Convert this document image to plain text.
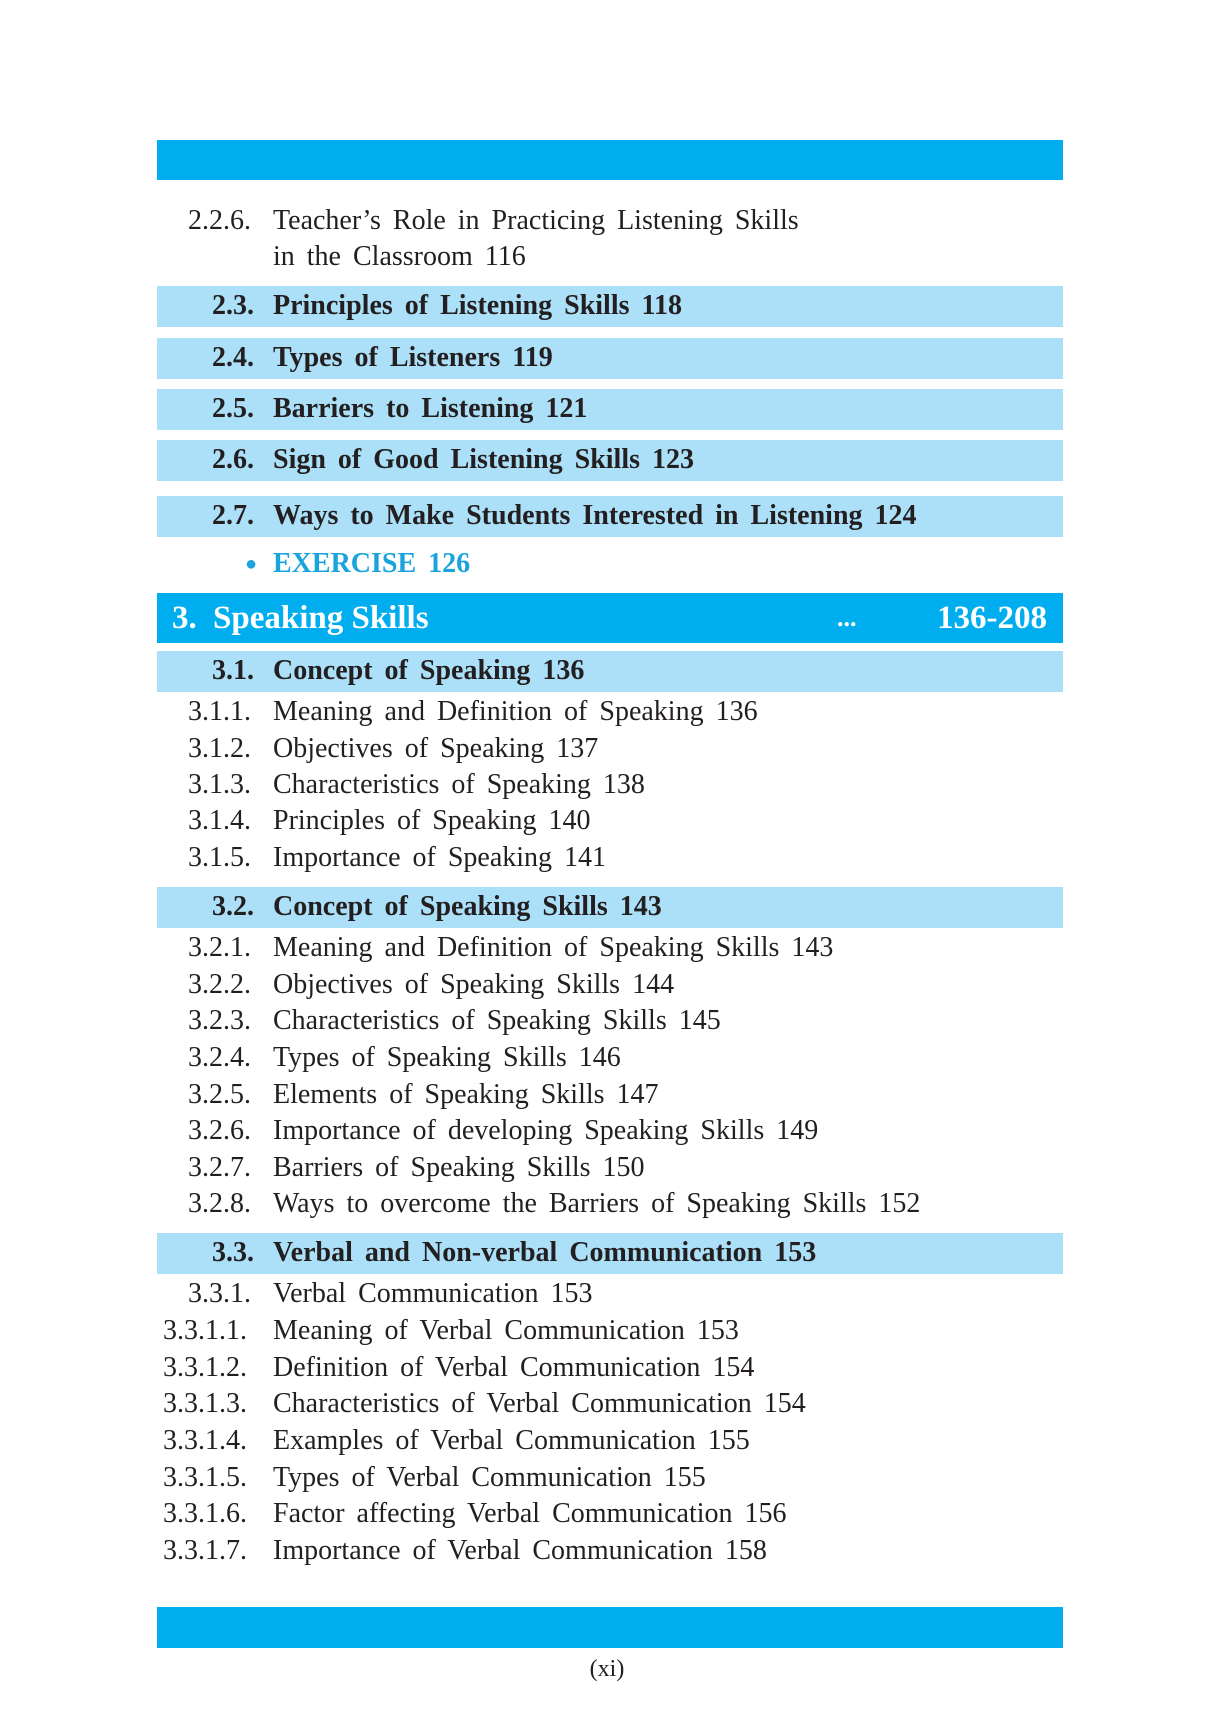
2.2.6. Teacher’s Role in Practicing Listening Skills
in the Classroom 116
2.3. Principles of Listening Skills 118
2.4. Types of Listeners 119
2.5. Barriers to Listening 121
2.6. Sign of Good Listening Skills 123
2.7. Ways to Make Students Interested in Listening 124
● EXERCISE 126
3. Speaking Skills	... 136-208
3.1. Concept of Speaking 136
3.1.1. Meaning and Definition of Speaking 136
3.1.2. Objectives of Speaking 137
3.1.3. Characteristics of Speaking 138
3.1.4. Principles of Speaking 140
3.1.5. Importance of Speaking 141
3.2. Concept of Speaking Skills 143
3.2.1. Meaning and Definition of Speaking Skills 143
3.2.2. Objectives of Speaking Skills 144
3.2.3. Characteristics of Speaking Skills 145
3.2.4. Types of Speaking Skills 146
3.2.5. Elements of Speaking Skills 147
3.2.6. Importance of developing Speaking Skills 149
3.2.7. Barriers of Speaking Skills 150
3.2.8. Ways to overcome the Barriers of Speaking Skills 152
3.3. Verbal and Non-verbal Communication 153
3.3.1. Verbal Communication 153
3.3.1.1. Meaning of Verbal Communication 153
3.3.1.2. Definition of Verbal Communication 154
3.3.1.3. Characteristics of Verbal Communication 154
3.3.1.4. Examples of Verbal Communication 155
3.3.1.5. Types of Verbal Communication 155
3.3.1.6. Factor affecting Verbal Communication 156
3.3.1.7. Importance of Verbal Communication 158
(xi)
